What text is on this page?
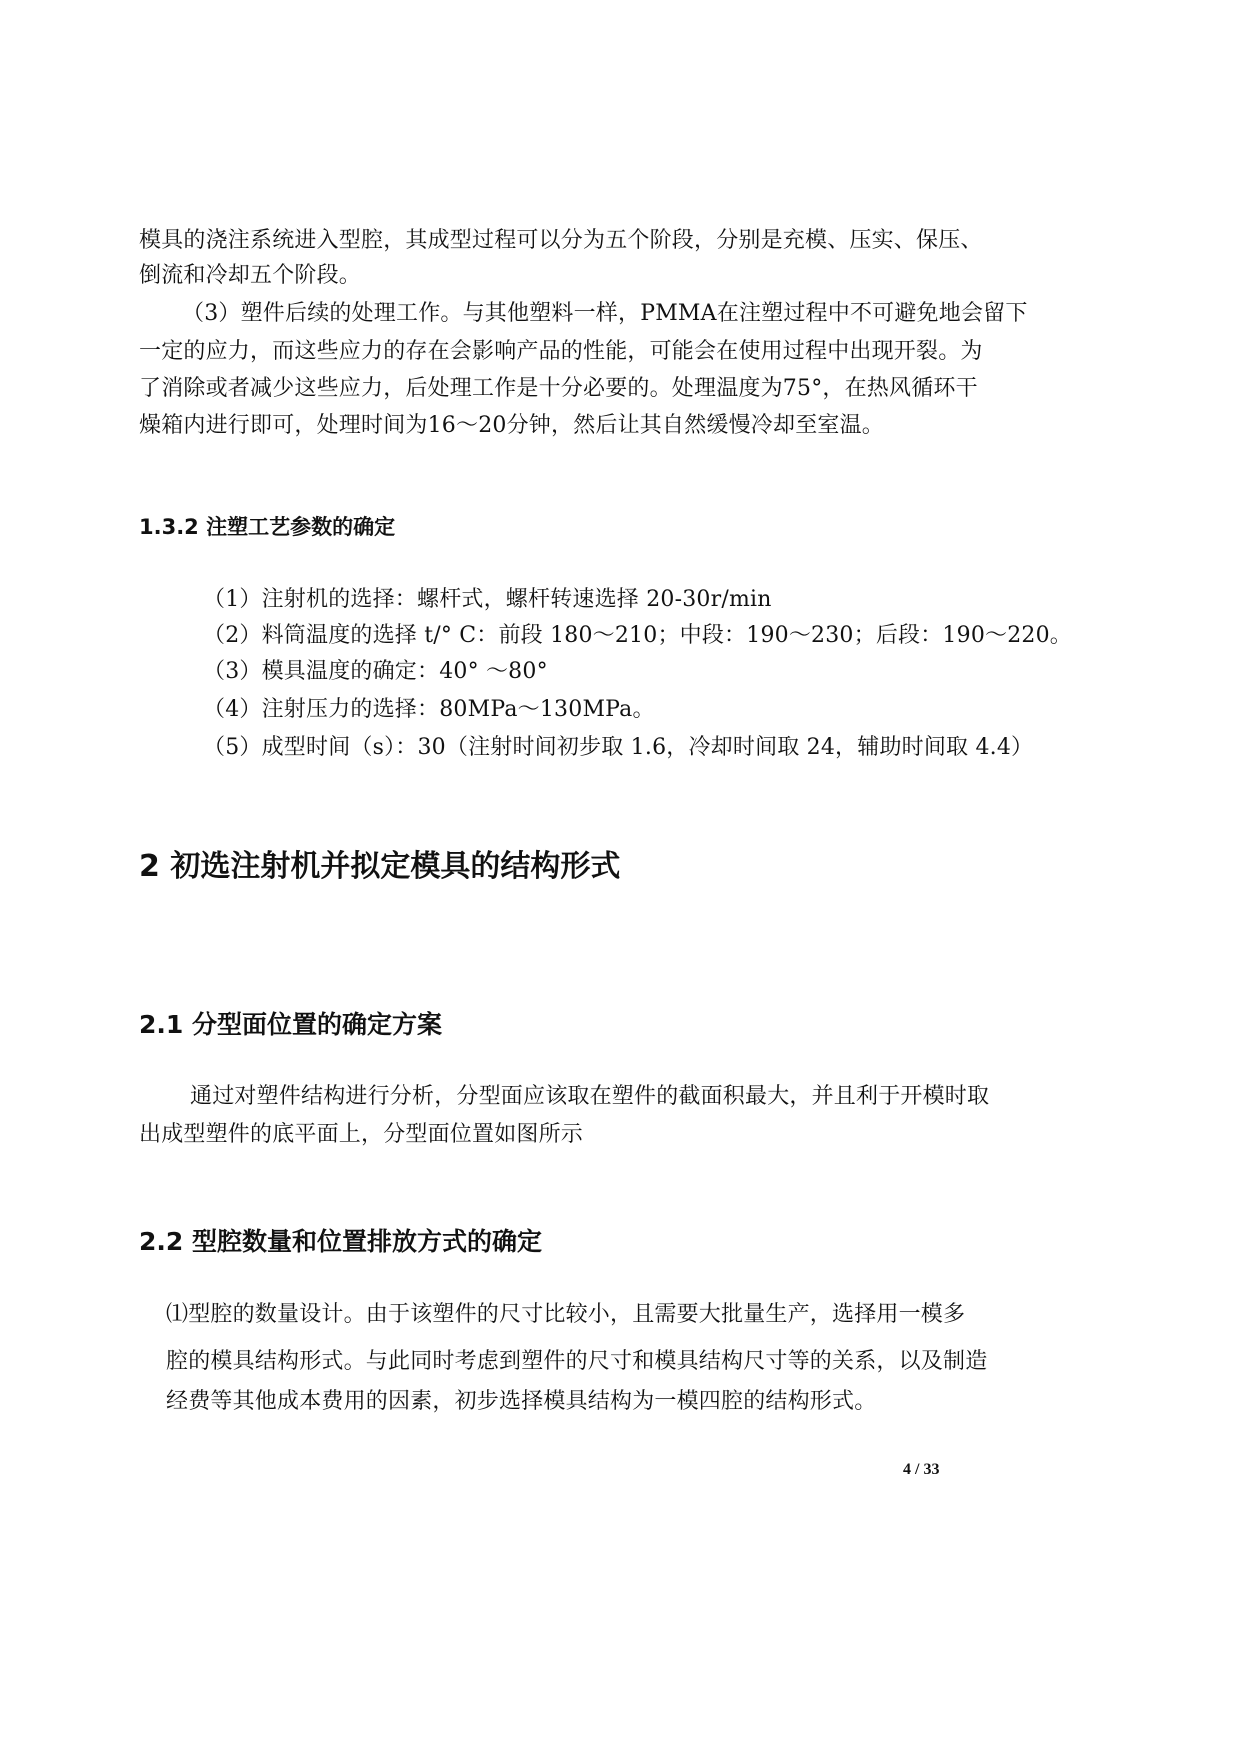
模具的浇注系统进入型腔，其成型过程可以分为五个阶段，分别是充模、压实、保压、
倒流和冷却五个阶段。
（3）塑件后续的处理工作。与其他塑料一样，PMMA在注塑过程中不可避免地会留下
一定的应力，而这些应力的存在会影响产品的性能，可能会在使用过程中出现开裂。为
了消除或者减少这些应力，后处理工作是十分必要的。处理温度为75°，在热风循环干
燥箱内进行即可，处理时间为16～20分钟，然后让其自然缓慢冷却至室温。
1.3.2 注塑工艺参数的确定
（1）注射机的选择：螺杆式，螺杆转速选择 20-30r/min
（2）料筒温度的选择 t/° C：前段 180～210；中段：190～230；后段：190～220。
（3）模具温度的确定：40° ～80°
（4）注射压力的选择：80MPa～130MPa。
（5）成型时间（s）：30（注射时间初步取 1.6，冷却时间取 24，辅助时间取 4.4）
2 初选注射机并拟定模具的结构形式
2.1 分型面位置的确定方案
通过对塑件结构进行分析，分型面应该取在塑件的截面积最大，并且利于开模时取
出成型塑件的底平面上，分型面位置如图所示
2.2 型腔数量和位置排放方式的确定
⑴型腔的数量设计。由于该塑件的尺寸比较小，且需要大批量生产，选择用一模多
腔的模具结构形式。与此同时考虑到塑件的尺寸和模具结构尺寸等的关系，以及制造
经费等其他成本费用的因素，初步选择模具结构为一模四腔的结构形式。
4 / 33
